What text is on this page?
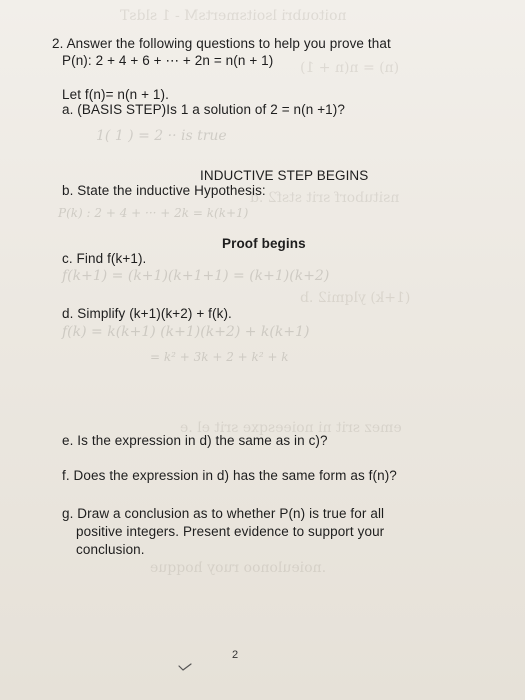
noitoubri lsoitsmertsM - 1 sldsT
(n) = n(n + 1)
nsituborf srit stsf2 .d
(1+k) ylqmi2 .b
emez srit ni noieesqxe srit el .e
.noieulonoo ruoy hoqque
1( 1 ) = 2 ·· is true
P(k) : 2 + 4 + ··· + 2k = k(k+1)
f(k+1) = (k+1)(k+1+1) = (k+1)(k+2)
f(k) = k(k+1) (k+1)(k+2) + k(k+1)
= k² + 3k + 2 + k² + k
2. Answer the following questions to help you prove that
P(n): 2 + 4 + 6 + ⋯ + 2n = n(n + 1)
Let f(n)= n(n + 1).
a. (BASIS STEP)Is 1 a solution of 2 = n(n +1)?
INDUCTIVE STEP BEGINS
b. State the inductive Hypothesis:
Proof begins
c. Find f(k+1).
d. Simplify (k+1)(k+2) + f(k).
e. Is the expression in d) the same as in c)?
f. Does the expression in d) has the same form as f(n)?
g. Draw a conclusion as to whether P(n) is true for all
positive integers. Present evidence to support your
conclusion.
2
